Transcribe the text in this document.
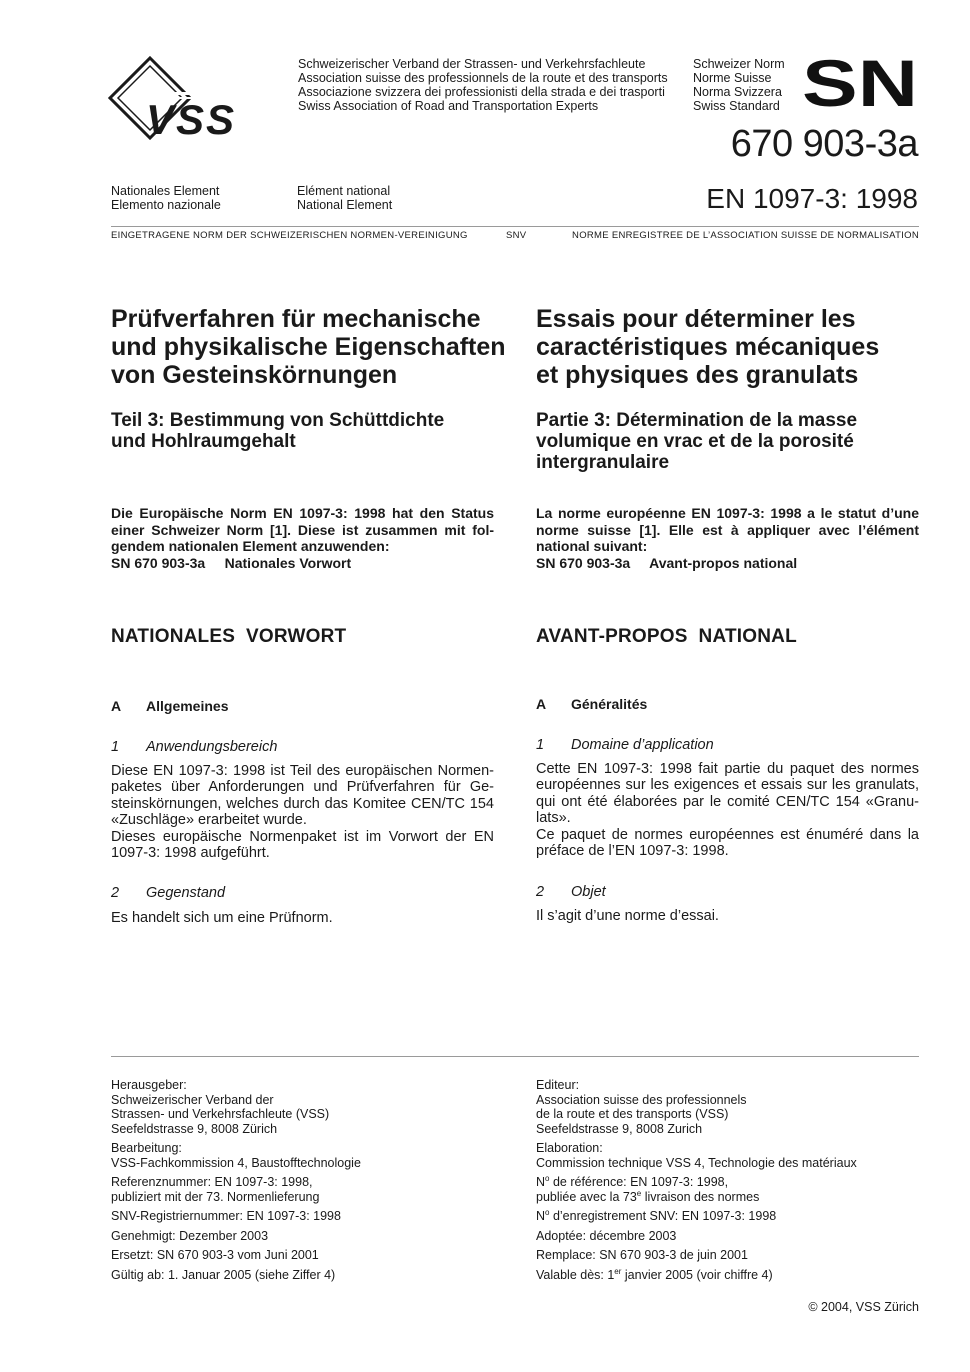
VSS
Schweizerischer Verband der Strassen- und Verkehrsfachleute
Association suisse des professionnels de la route et des transports
Associazione svizzera dei professionisti della strada e dei trasporti
Swiss Association of Road and Transportation Experts
Schweizer Norm
Norme Suisse
Norma Svizzera
Swiss Standard SN
670 903-3a
EN 1097-3: 1998
Nationales Element
Elemento nazionale
Elément national
National Element
EINGETRAGENE NORM DER SCHWEIZERISCHEN NORMEN-VEREINIGUNG	SNV	NORME ENREGISTREE DE L’ASSOCIATION SUISSE DE NORMALISATION
Prüfverfahren für mechanische
und physikalische Eigenschaften
von Gesteinskörnungen
Teil 3: Bestimmung von Schüttdichte
und Hohlraumgehalt
Die Europäische Norm EN 1097-3: 1998 hat den Status
einer Schweizer Norm [1]. Diese ist zusammen mit fol-
gendem nationalen Element anzuwenden:
SN 670 903-3a     Nationales Vorwort
NATIONALES  VORWORT
A Allgemeines
1 Anwendungsbereich
Diese EN 1097-3: 1998 ist Teil des europäischen Normen-
paketes über Anforderungen und Prüfverfahren für Ge-
steinskörnungen, welches durch das Komitee CEN/TC 154
«Zuschläge» erarbeitet wurde.
Dieses europäische Normenpaket ist im Vorwort der EN
1097-3: 1998 aufgeführt.
2 Gegenstand
Es handelt sich um eine Prüfnorm.
Essais pour déterminer les
caractéristiques mécaniques
et physiques des granulats
Partie 3: Détermination de la masse
volumique en vrac et de la porosité
intergranulaire
La norme européenne EN 1097-3: 1998 a le statut d’une
norme suisse [1]. Elle est à appliquer avec l’élément
national suivant:
SN 670 903-3a     Avant-propos national
AVANT-PROPOS  NATIONAL
A Généralités
1 Domaine d’application
Cette EN 1097-3: 1998 fait partie du paquet des normes
européennes sur les exigences et essais sur les granulats,
qui ont été élaborées par le comité CEN/TC 154 «Granu-
lats».
Ce paquet de normes européennes est énuméré dans la
préface de l’EN 1097-3: 1998.
2 Objet
Il s’agit d’une norme d’essai.
Herausgeber:
Schweizerischer Verband der
Strassen- und Verkehrsfachleute (VSS)
Seefeldstrasse 9, 8008 Zürich
Bearbeitung:
VSS-Fachkommission 4, Baustofftechnologie
Referenznummer: EN 1097-3: 1998,
publiziert mit der 73. Normenlieferung
SNV-Registriernummer: EN 1097-3: 1998
Genehmigt: Dezember 2003
Ersetzt: SN 670 903-3 vom Juni 2001
Gültig ab: 1. Januar 2005 (siehe Ziffer 4)
Editeur:
Association suisse des professionnels
de la route et des transports (VSS)
Seefeldstrasse 9, 8008 Zurich
Elaboration:
Commission technique VSS 4, Technologie des matériaux
$N^o$ de référence: EN 1097-3: 1998,
publiée avec la 73e livraison des normes
$N^o$ d’enregistrement SNV: EN 1097-3: 1998
Adoptée: décembre 2003
Remplace: SN 670 903-3 de juin 2001
Valable dès: 1er janvier 2005 (voir chiffre 4)
© 2004, VSS Zürich
